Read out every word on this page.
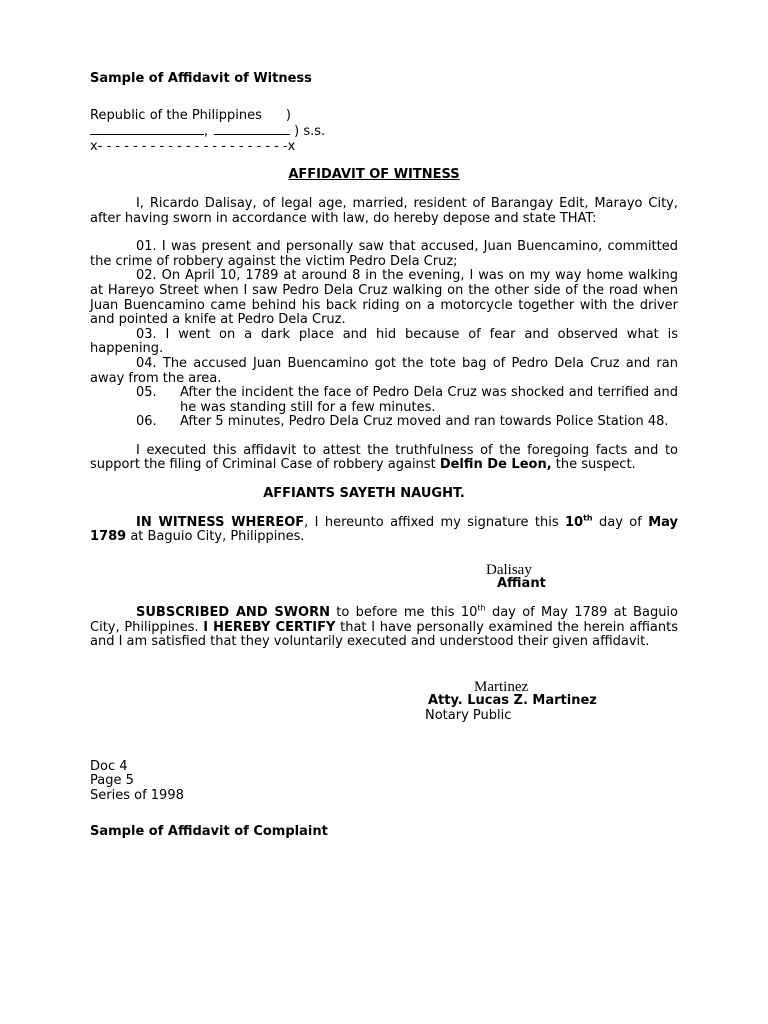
Sample of Affidavit of Witness

Republic of the Philippines )
,	) s.s.

x- - - - - - - - - - - - - - - - - - - - - -x

AFFIDAVIT OF WITNESS

I, Ricardo Dalisay, of legal age, married, resident of Barangay Edit, Marayo City, after having sworn in accordance with law, do hereby depose and state THAT:

01. I was present and personally saw that accused, Juan Buencamino, committed the crime of robbery against the victim Pedro Dela Cruz;

02. On April 10, 1789 at around 8 in the evening, I was on my way home walking at Hareyo Street when I saw Pedro Dela Cruz walking on the other side of the road when Juan Buencamino came behind his back riding on a motorcycle together with the driver and pointed a knife at Pedro Dela Cruz.

03. I went on a dark place and hid because of fear and observed what is happening.

04. The accused Juan Buencamino got the tote bag of Pedro Dela Cruz and ran away from the area.

05.	After the incident the face of Pedro Dela Cruz was shocked and terrified and he was standing still for a few minutes.
06.	After 5 minutes, Pedro Dela Cruz moved and ran towards Police Station 48.

I executed this affidavit to attest the truthfulness of the foregoing facts and to support the filing of Criminal Case of robbery against Delfin De Leon, the suspect.

AFFIANTS SAYETH NAUGHT.

IN WITNESS WHEREOF, I hereunto affixed my signature this 10th day of May 1789 at Baguio City, Philippines.

Dalisay

Affiant

SUBSCRIBED AND SWORN to before me this 10th day of May 1789 at Baguio City, Philippines. I HEREBY CERTIFY that I have personally examined the herein affiants and I am satisfied that they voluntarily executed and understood their given affidavit.

Martinez

Atty. Lucas Z. Martinez

Notary Public

Doc 4

Page 5

Series of 1998

Sample of Affidavit of Complaint
